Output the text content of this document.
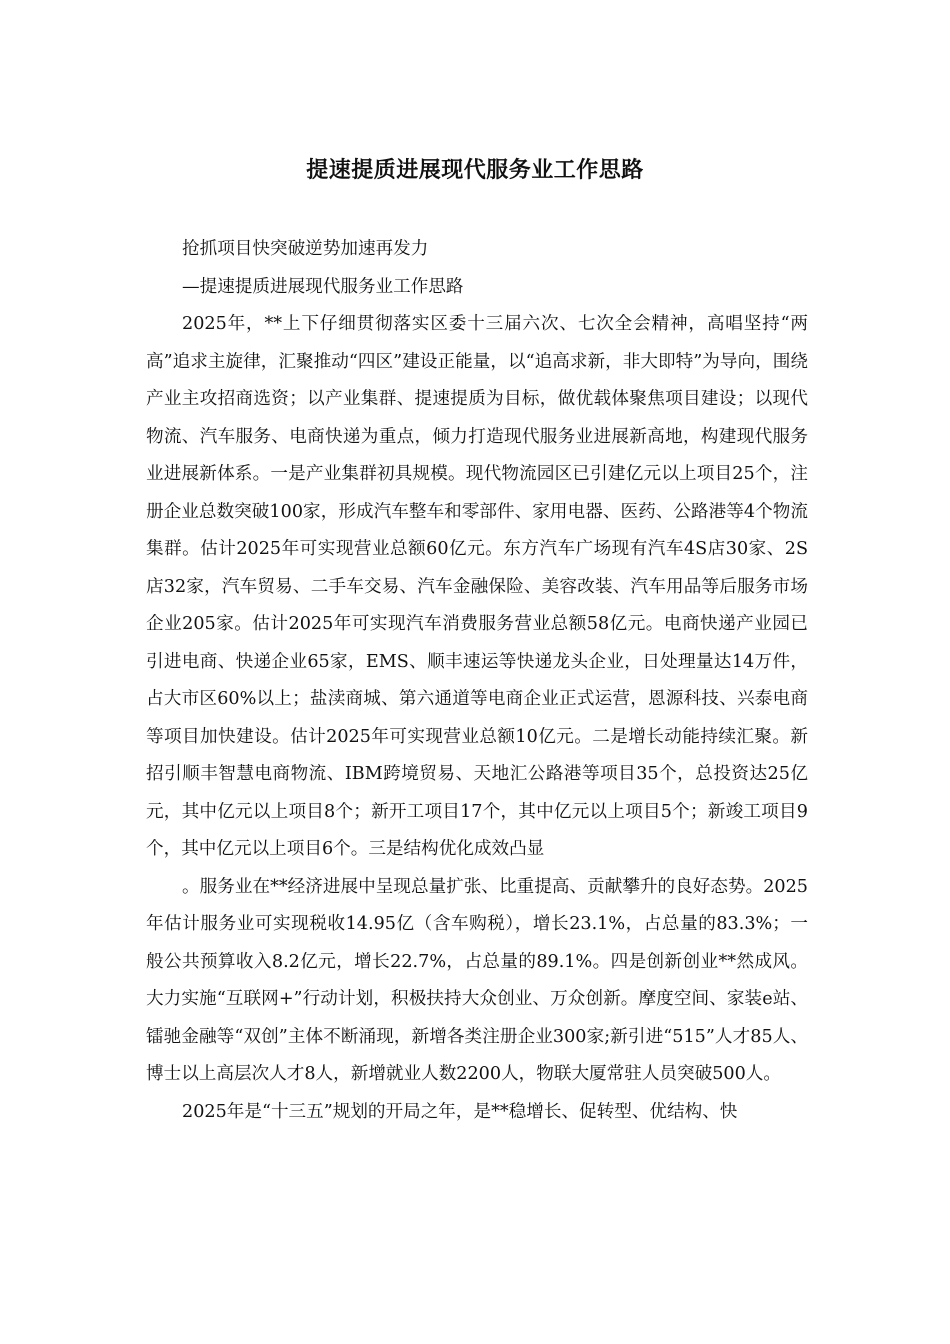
提速提质进展现代服务业工作思路

抢抓项目快突破逆势加速再发力

—提速提质进展现代服务业工作思路

2025年，**上下仔细贯彻落实区委十三届六次、七次全会精神，高唱坚持“两高”追求主旋律，汇聚推动“四区”建设正能量，以“追高求新，非大即特”为导向，围绕产业主攻招商选资；以产业集群、提速提质为目标，做优载体聚焦项目建设；以现代物流、汽车服务、电商快递为重点，倾力打造现代服务业进展新高地，构建现代服务业进展新体系。一是产业集群初具规模。现代物流园区已引建亿元以上项目25个，注册企业总数突破100家，形成汽车整车和零部件、家用电器、医药、公路港等4个物流集群。估计2025年可实现营业总额60亿元。东方汽车广场现有汽车4S店30家、2S店32家，汽车贸易、二手车交易、汽车金融保险、美容改装、汽车用品等后服务市场企业205家。估计2025年可实现汽车消费服务营业总额58亿元。电商快递产业园已引进电商、快递企业65家，EMS、顺丰速运等快递龙头企业，日处理量达14万件，占大市区60%以上；盐渎商城、第六通道等电商企业正式运营，恩源科技、兴泰电商等项目加快建设。估计2025年可实现营业总额10亿元。二是增长动能持续汇聚。新招引顺丰智慧电商物流、IBM跨境贸易、天地汇公路港等项目35个，总投资达25亿元，其中亿元以上项目8个；新开工项目17个，其中亿元以上项目5个；新竣工项目9个，其中亿元以上项目6个。三是结构优化成效凸显

。服务业在**经济进展中呈现总量扩张、比重提高、贡献攀升的良好态势。2025年估计服务业可实现税收14.95亿（含车购税），增长23.1%，占总量的83.3%；一般公共预算收入8.2亿元，增长22.7%，占总量的89.1%。四是创新创业**然成风。大力实施“互联网+”行动计划，积极扶持大众创业、万众创新。摩度空间、家装e站、镭驰金融等“双创”主体不断涌现，新增各类注册企业300家;新引进“515”人才85人、博士以上高层次人才8人，新增就业人数2200人，物联大厦常驻人员突破500人。

2025年是“十三五”规划的开局之年，是**稳增长、促转型、优结构、快
